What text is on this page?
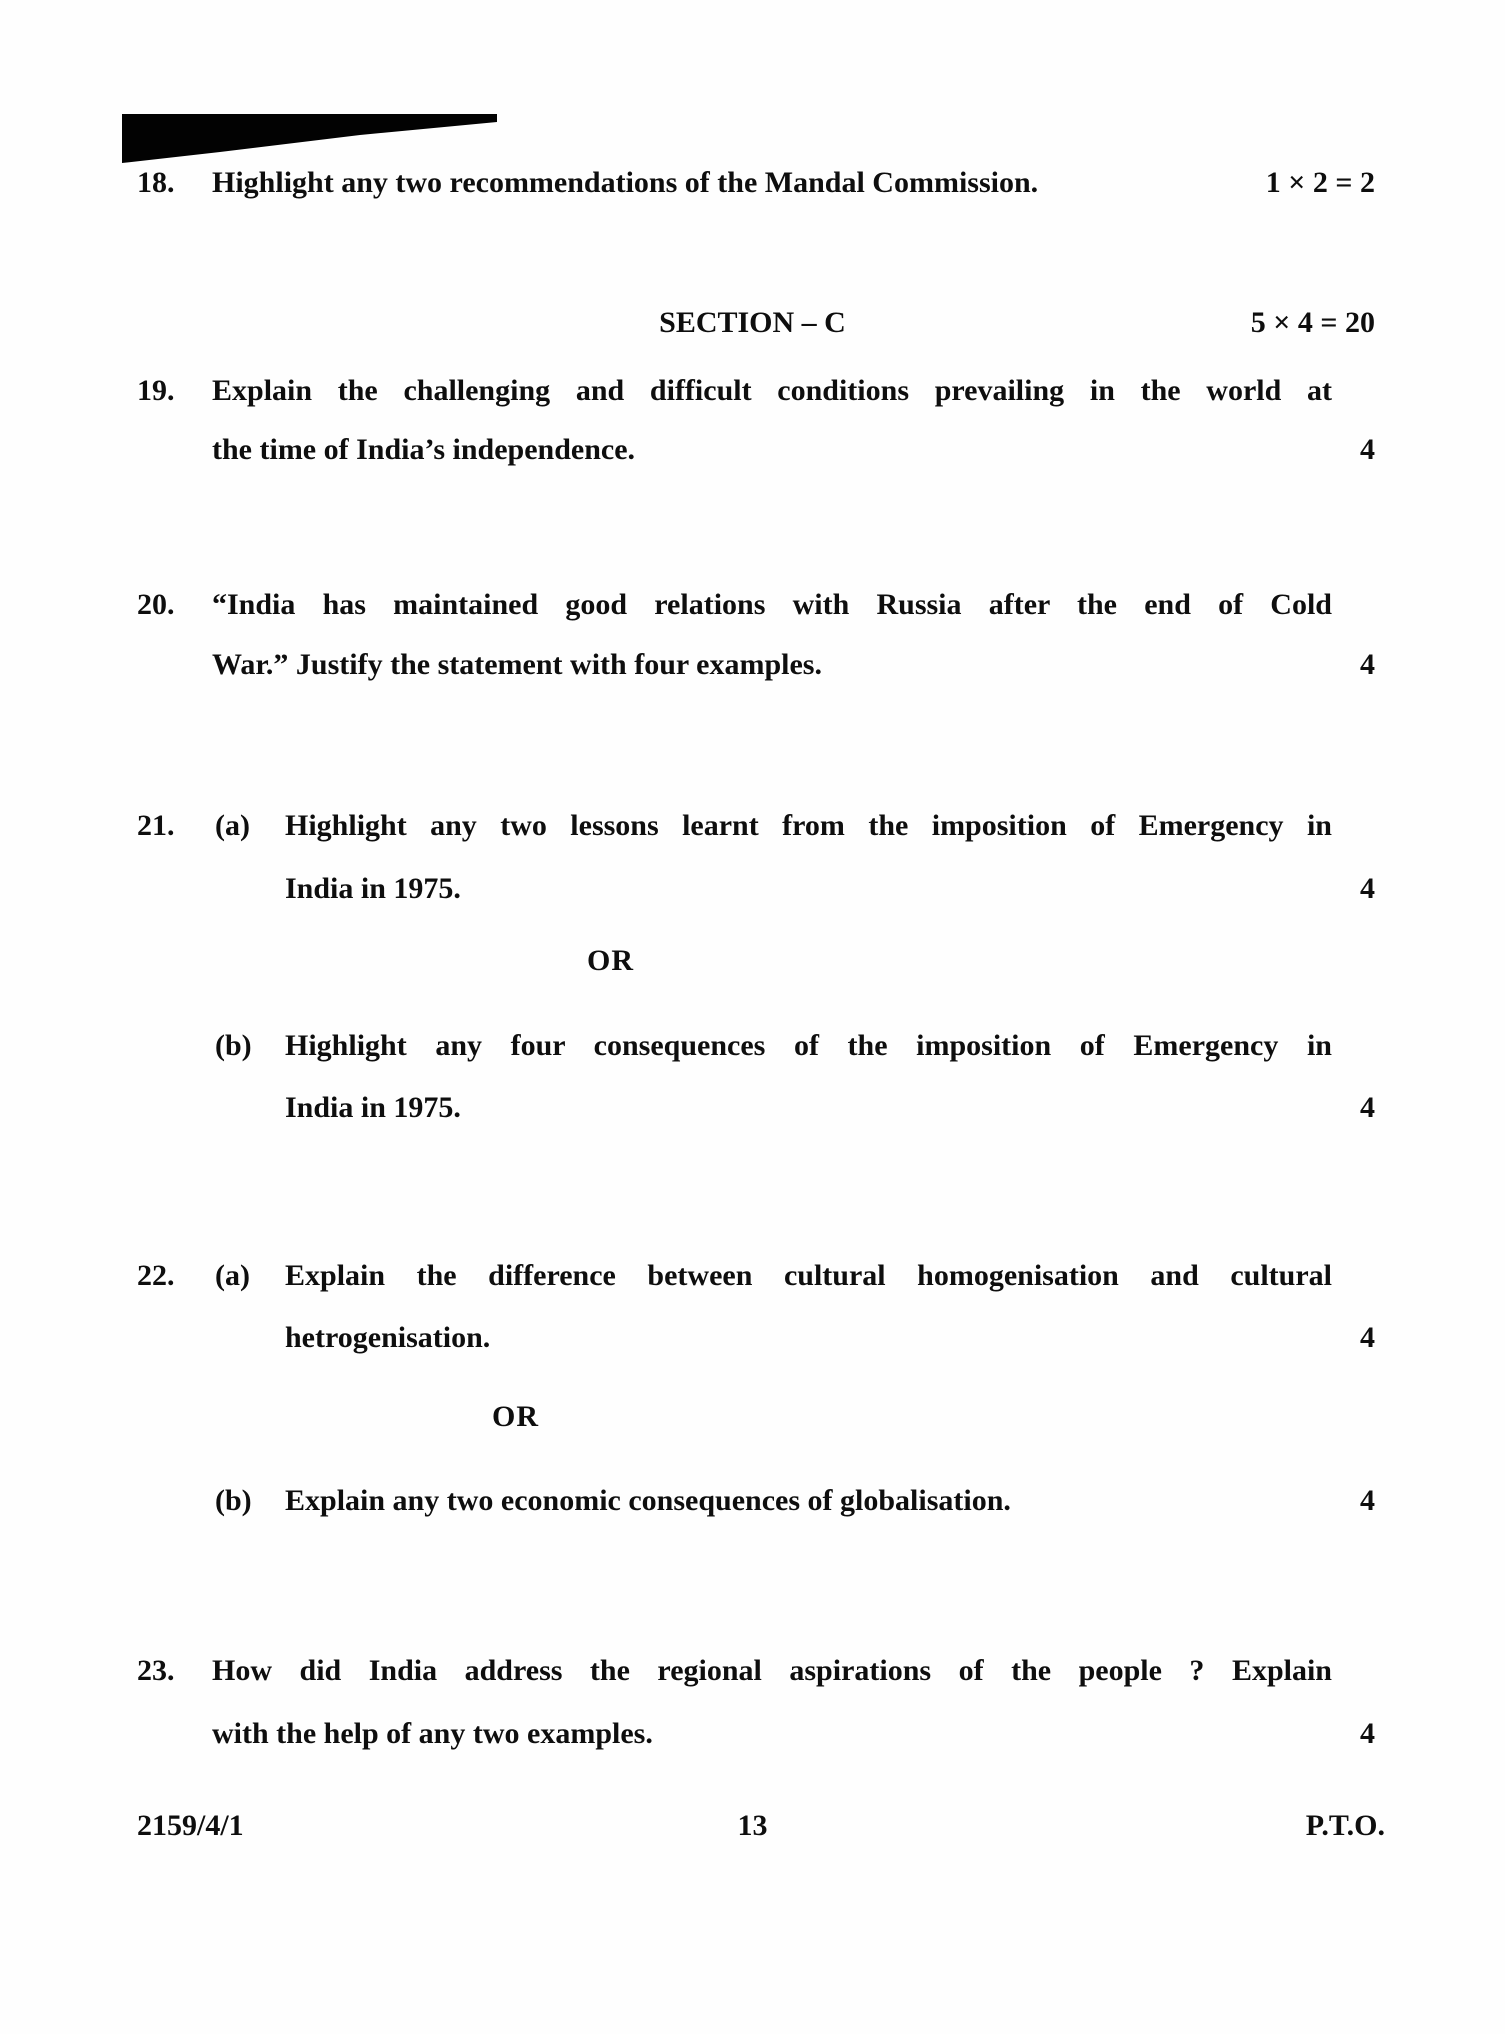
18. Highlight any two recommendations of the Mandal Commission.	1 × 2 = 2
SECTION – C	5 × 4 = 20
19. Explain the challenging and difficult conditions prevailing in the world at
the time of India’s independence.	4
20. “India has maintained good relations with Russia after the end of Cold
War.” Justify the statement with four examples.	4
21. (a) Highlight any two lessons learnt from the imposition of Emergency in
India in 1975.	4
OR
(b) Highlight any four consequences of the imposition of Emergency in
India in 1975.	4
22. (a) Explain the difference between cultural homogenisation and cultural
hetrogenisation.	4
OR
(b) Explain any two economic consequences of globalisation.	4
23. How did India address the regional aspirations of the people ? Explain
with the help of any two examples.	4
2159/4/1	13	P.T.O.
